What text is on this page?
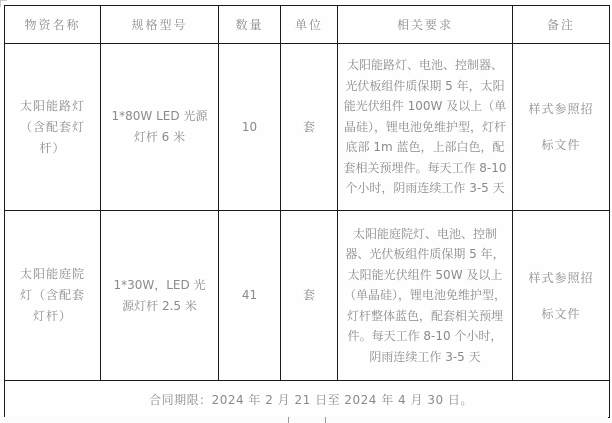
物资名称	规格型号	数量	单位	相关要求	备注
太阳能路灯（含配套灯杆）	1*80W LED 光源灯杆 6 米	10	套	太阳能路灯、电池、控制器、光伏板组件质保期 5 年，太阳能光伏组件 100W 及以上（单晶硅），锂电池免维护型，灯杆底部 1m 蓝色，上部白色，配套相关预埋件。每天工作 8-10 个小时，阴雨连续工作 3-5 天	样式参照招标文件

太阳能庭院灯（含配套灯杆）	1*30W，LED 光源灯杆 2.5 米	41	套	太阳能庭院灯、电池、控制器、光伏板组件质保期 5 年，太阳能光伏组件 50W 及以上（单晶硅），锂电池免维护型，灯杆整体蓝色，配套相关预埋件。每天工作 8-10 个小时，阴雨连续工作 3-5 天	样式参照招标文件

合同期限：2024 年 2 月 21 日至 2024 年 4 月 30 日。					
